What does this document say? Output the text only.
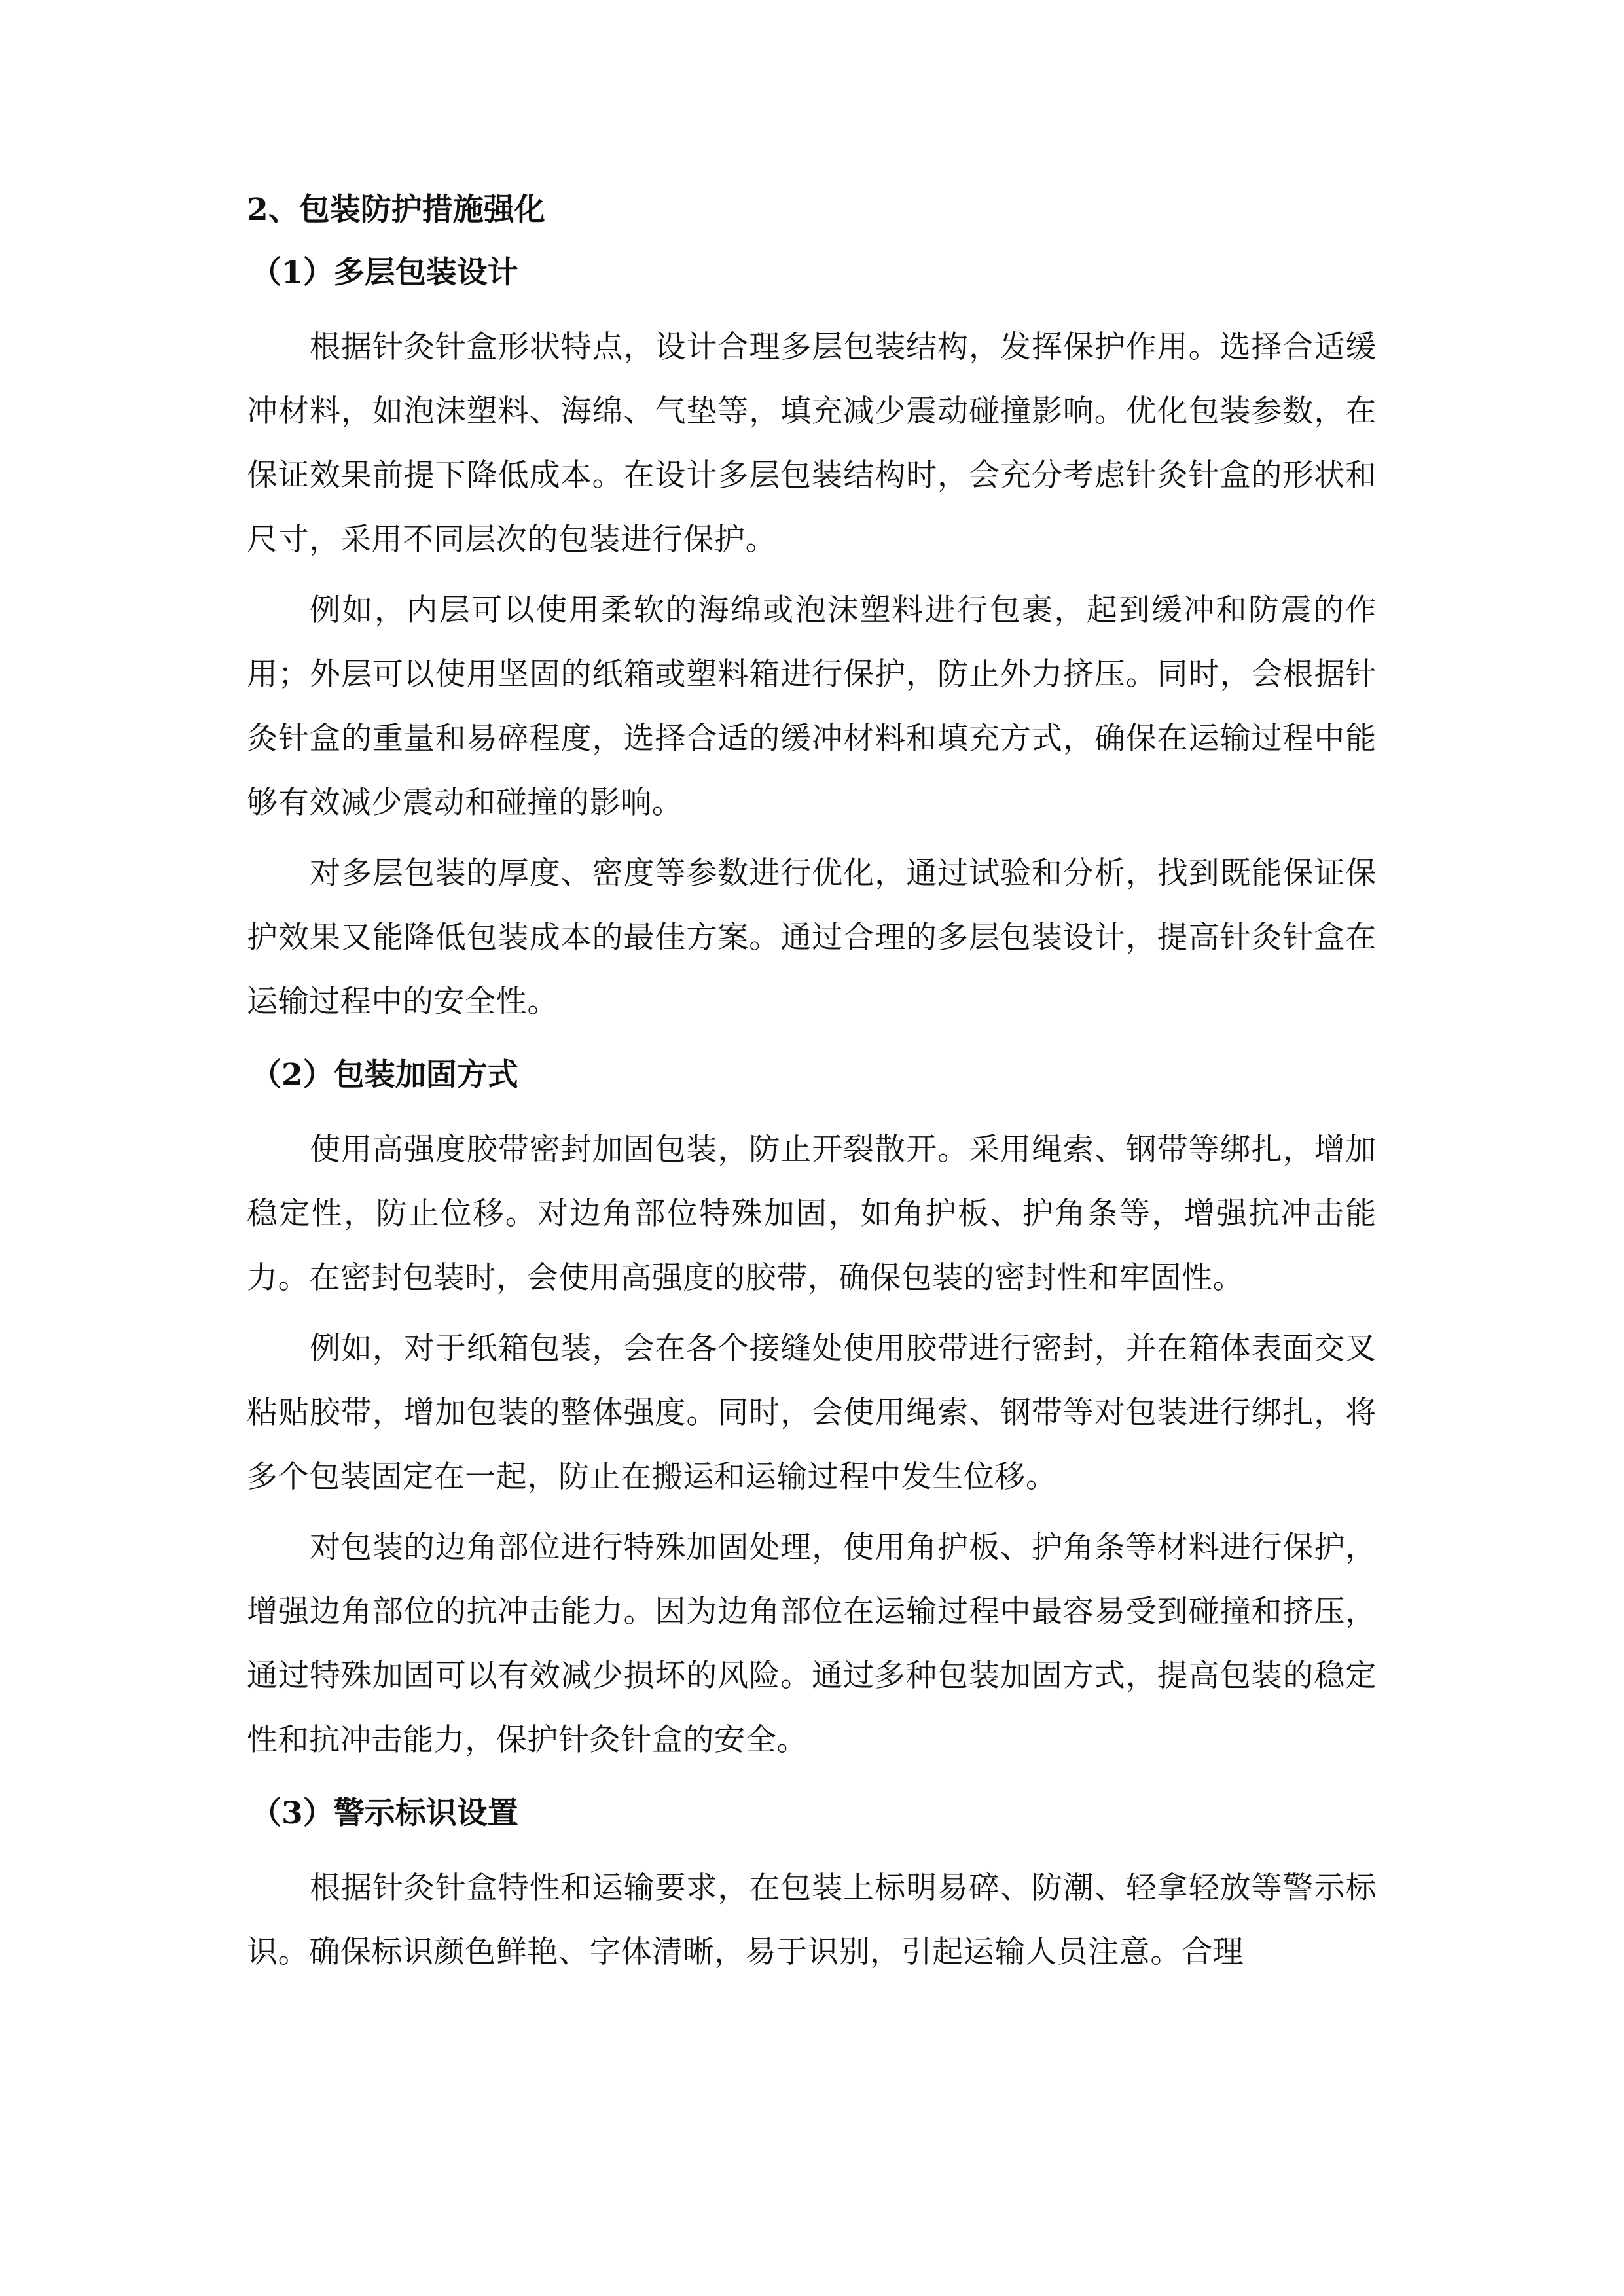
2、包装防护措施强化
（1）多层包装设计

根据针灸针盒形状特点，设计合理多层包装结构，发挥保护作用。选择合适缓冲材料，如泡沫塑料、海绵、气垫等，填充减少震动碰撞影响。优化包装参数，在保证效果前提下降低成本。在设计多层包装结构时，会充分考虑针灸针盒的形状和尺寸，采用不同层次的包装进行保护。

例如，内层可以使用柔软的海绵或泡沫塑料进行包裹，起到缓冲和防震的作用；外层可以使用坚固的纸箱或塑料箱进行保护，防止外力挤压。同时，会根据针灸针盒的重量和易碎程度，选择合适的缓冲材料和填充方式，确保在运输过程中能够有效减少震动和碰撞的影响。

对多层包装的厚度、密度等参数进行优化，通过试验和分析，找到既能保证保护效果又能降低包装成本的最佳方案。通过合理的多层包装设计，提高针灸针盒在运输过程中的安全性。

（2）包装加固方式

使用高强度胶带密封加固包装，防止开裂散开。采用绳索、钢带等绑扎，增加稳定性，防止位移。对边角部位特殊加固，如角护板、护角条等，增强抗冲击能力。在密封包装时，会使用高强度的胶带，确保包装的密封性和牢固性。

例如，对于纸箱包装，会在各个接缝处使用胶带进行密封，并在箱体表面交叉粘贴胶带，增加包装的整体强度。同时，会使用绳索、钢带等对包装进行绑扎，将多个包装固定在一起，防止在搬运和运输过程中发生位移。

对包装的边角部位进行特殊加固处理，使用角护板、护角条等材料进行保护，增强边角部位的抗冲击能力。因为边角部位在运输过程中最容易受到碰撞和挤压，通过特殊加固可以有效减少损坏的风险。通过多种包装加固方式，提高包装的稳定性和抗冲击能力，保护针灸针盒的安全。

（3）警示标识设置

根据针灸针盒特性和运输要求，在包装上标明易碎、防潮、轻拿轻放等警示标识。确保标识颜色鲜艳、字体清晰，易于识别，引起运输人员注意。合理
